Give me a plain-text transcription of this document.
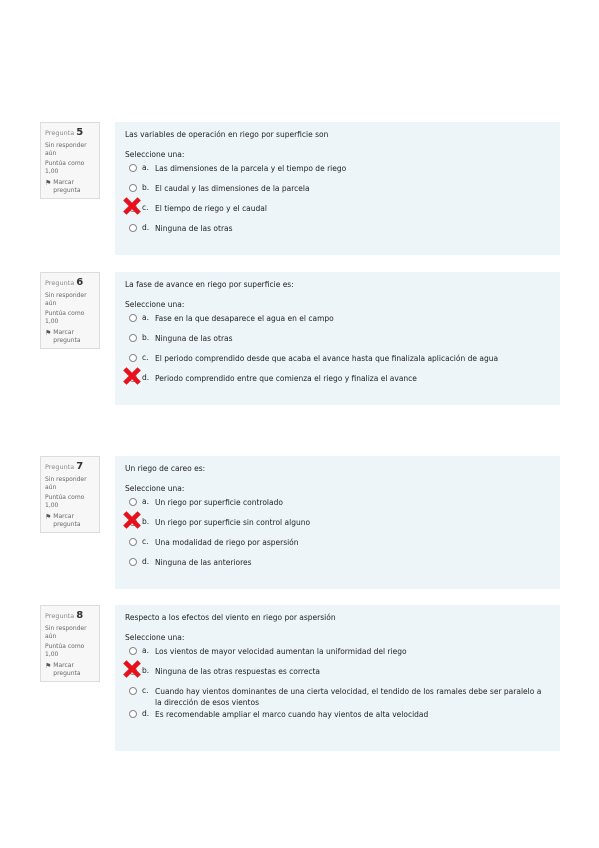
Pregunta 5
Sin responder aún
Puntúa como 1,00
⚑ Marcar pregunta
Las variables de operación en riego por superficie son
Seleccione una:
a. Las dimensiones de la parcela y el tiempo de riego
b. El caudal y las dimensiones de la parcela
c. El tiempo de riego y el caudal
d. Ninguna de las otras
Pregunta 6
Sin responder aún
Puntúa como 1,00
⚑ Marcar pregunta
La fase de avance en riego por superficie es:
Seleccione una:
a. Fase en la que desaparece el agua en el campo
b. Ninguna de las otras
c. El periodo comprendido desde que acaba el avance hasta que finalizala aplicación de agua
d. Periodo comprendido entre que comienza el riego y finaliza el avance
Pregunta 7
Sin responder aún
Puntúa como 1,00
⚑ Marcar pregunta
Un riego de careo es:
Seleccione una:
a. Un riego por superficie controlado
b. Un riego por superficie sin control alguno
c. Una modalidad de riego por aspersión
d. Ninguna de las anteriores
Pregunta 8
Sin responder aún
Puntúa como 1,00
⚑ Marcar pregunta
Respecto a los efectos del viento en riego por aspersión
Seleccione una:
a. Los vientos de mayor velocidad aumentan la uniformidad del riego
b. Ninguna de las otras respuestas es correcta
c. Cuando hay vientos dominantes de una cierta velocidad, el tendido de los ramales debe ser paralelo a la dirección de esos vientos
d. Es recomendable ampliar el marco cuando hay vientos de alta velocidad
